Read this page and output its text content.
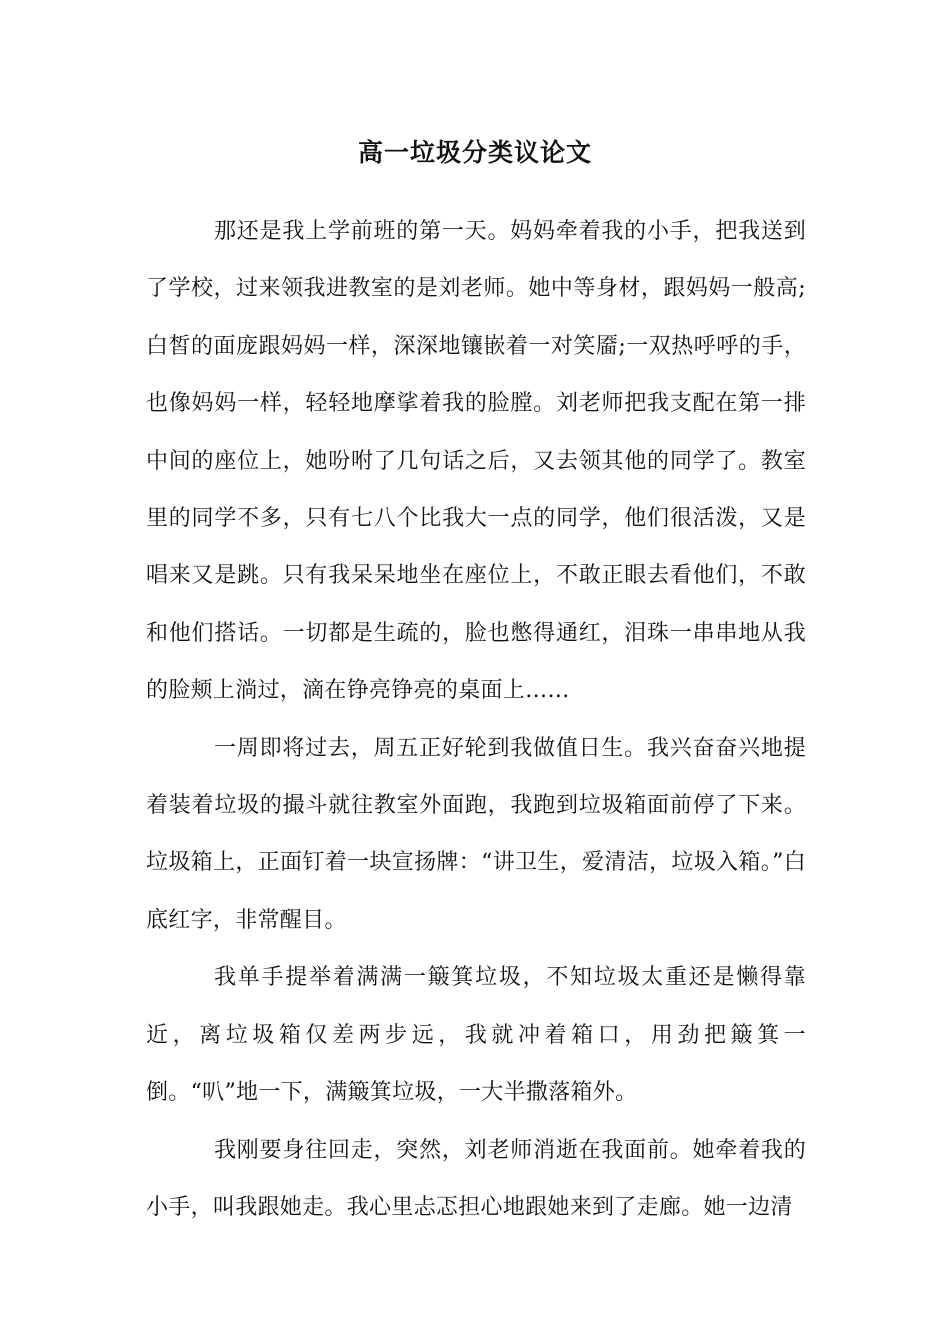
高一垃圾分类议论文

那还是我上学前班的第一天。妈妈牵着我的小手，把我送到了学校，过来领我进教室的是刘老师。她中等身材，跟妈妈一般高;白皙的面庞跟妈妈一样，深深地镶嵌着一对笑靥;一双热呼呼的手，也像妈妈一样，轻轻地摩挲着我的脸膛。刘老师把我支配在第一排中间的座位上，她吩咐了几句话之后，又去领其他的同学了。教室里的同学不多，只有七八个比我大一点的同学，他们很活泼，又是唱来又是跳。只有我呆呆地坐在座位上，不敢正眼去看他们，不敢和他们搭话。一切都是生疏的，脸也憋得通红，泪珠一串串地从我的脸颊上淌过，滴在铮亮铮亮的桌面上……

一周即将过去，周五正好轮到我做值日生。我兴奋奋兴地提着装着垃圾的撮斗就往教室外面跑，我跑到垃圾箱面前停了下来。垃圾箱上，正面钉着一块宣扬牌：“讲卫生，爱清洁，垃圾入箱。”白底红字，非常醒目。

我单手提举着满满一簸箕垃圾，不知垃圾太重还是懒得靠近，离垃圾箱仅差两步远，我就冲着箱口，用劲把簸箕一倒。“叭”地一下，满簸箕垃圾，一大半撒落箱外。

我刚要身往回走，突然，刘老师消逝在我面前。她牵着我的小手，叫我跟她走。我心里忐忑担心地跟她来到了走廊。她一边清
